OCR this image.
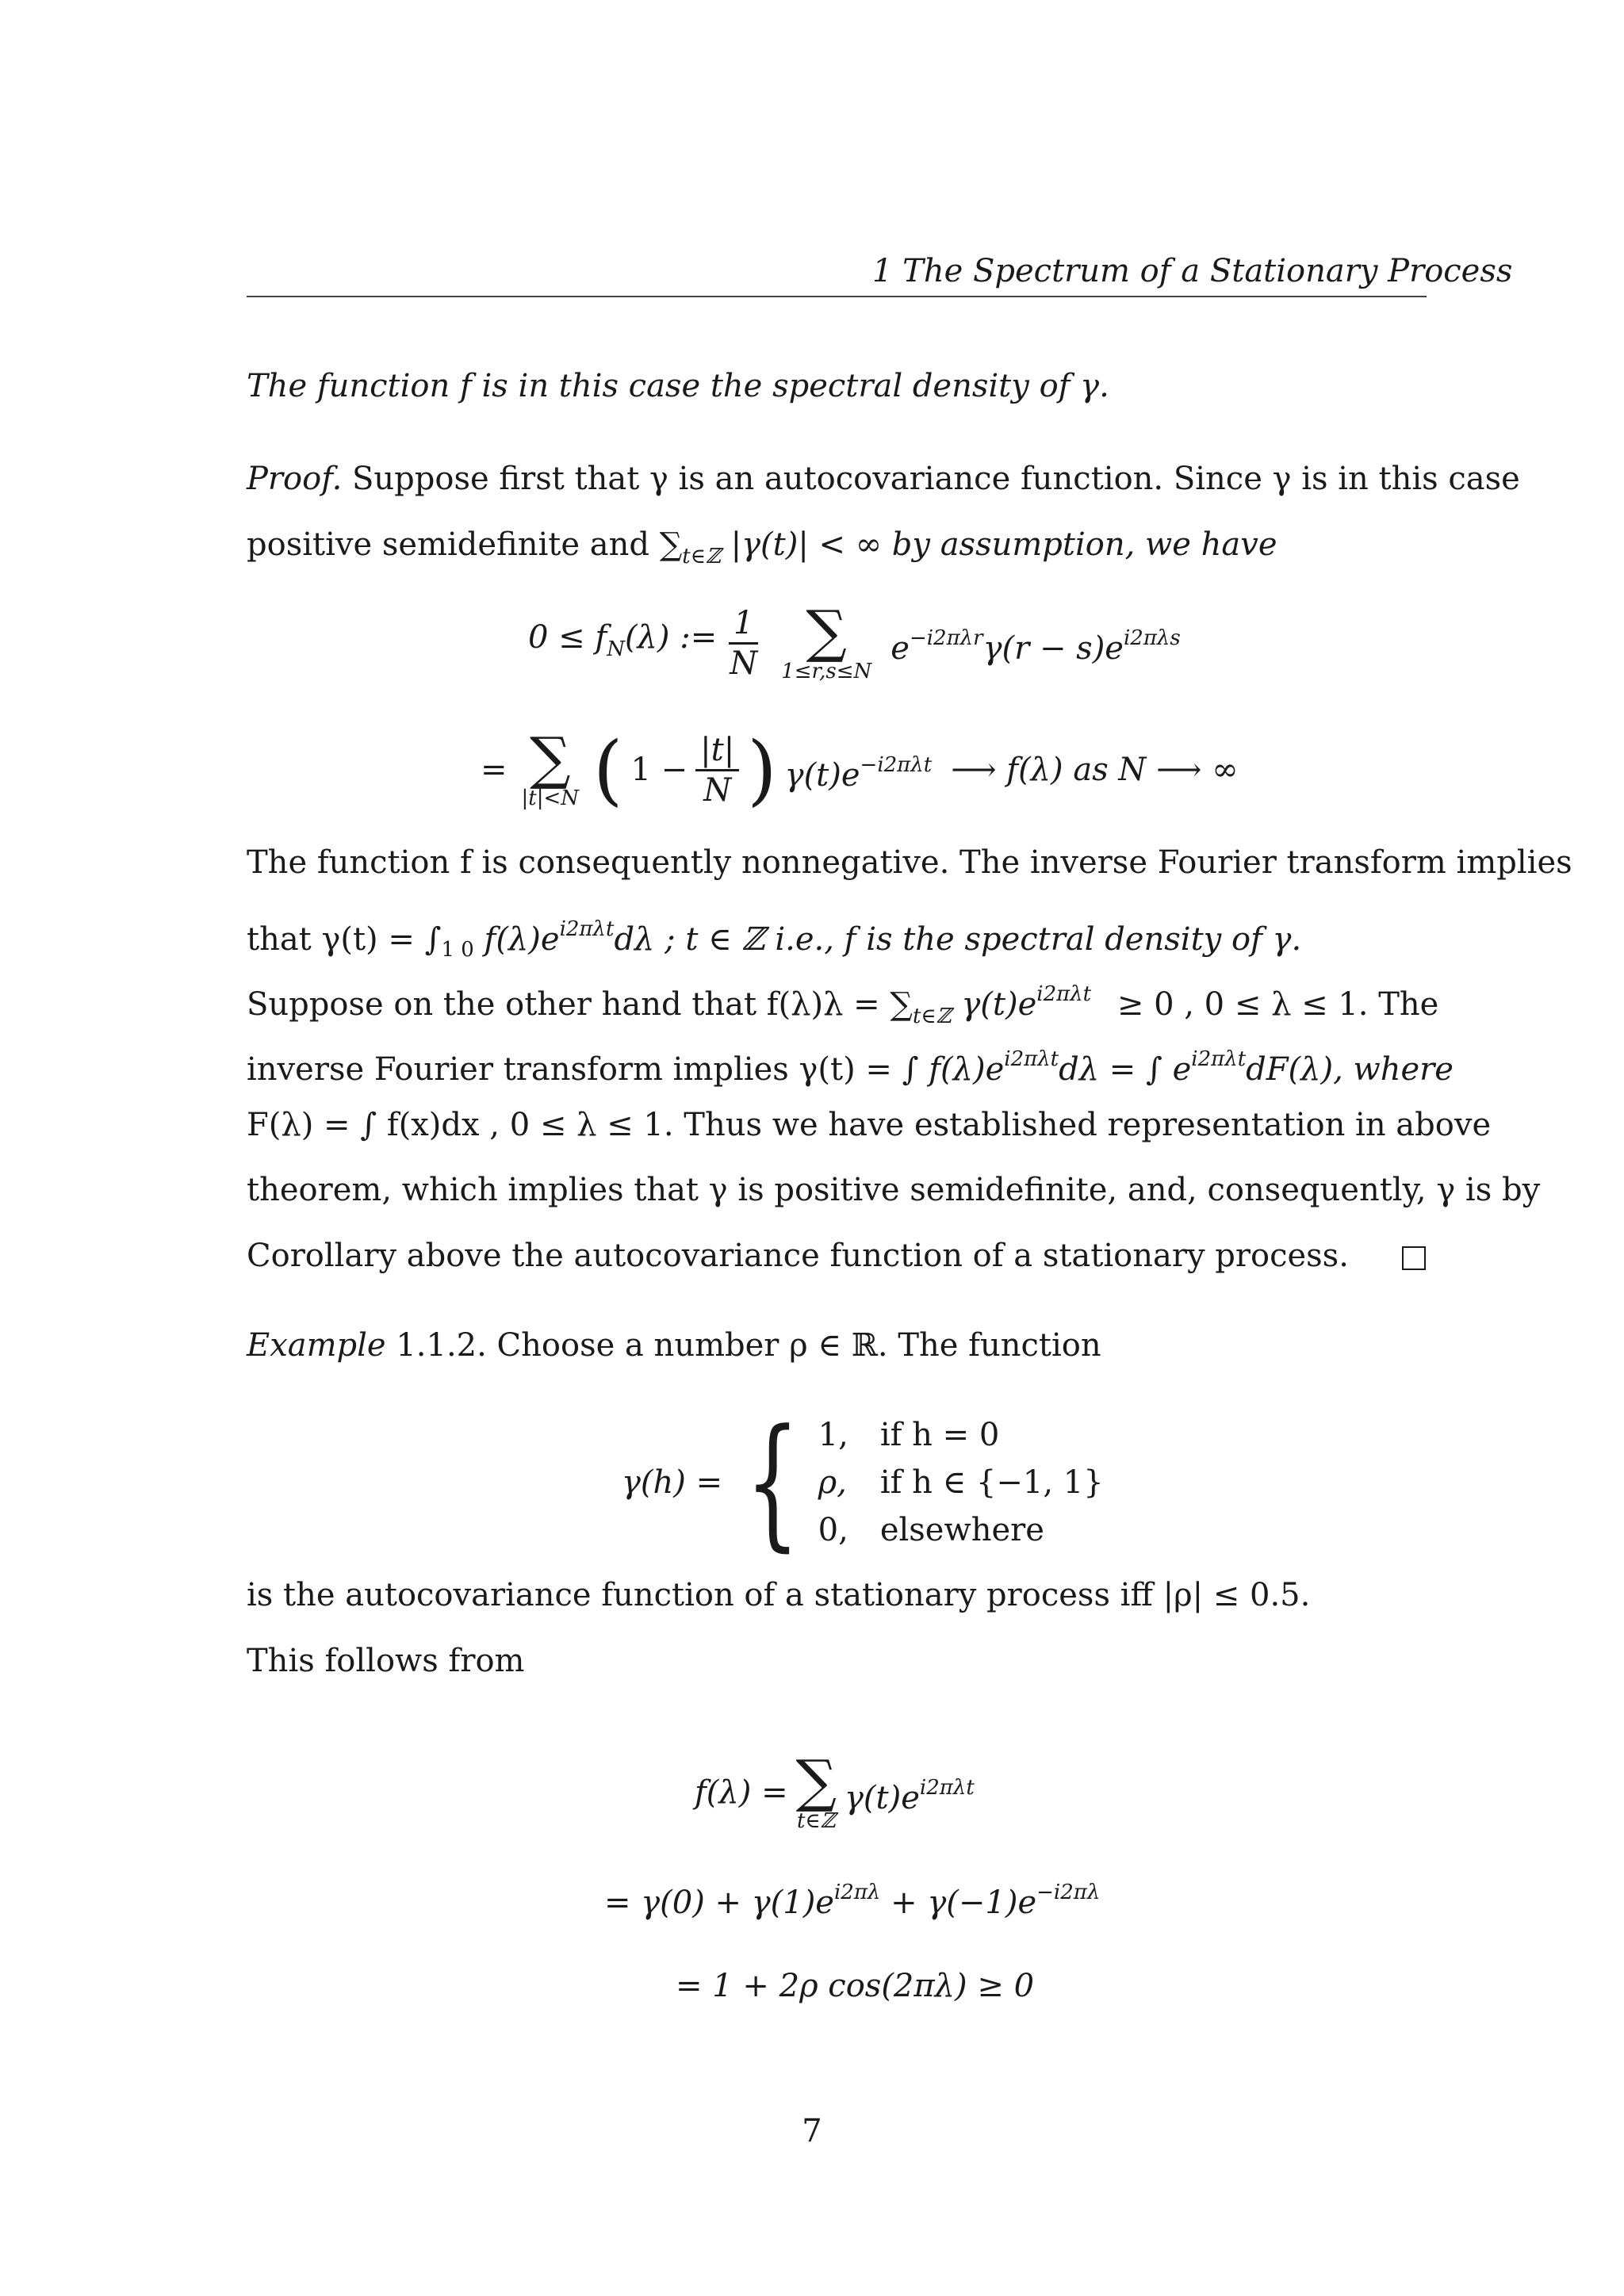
1 The Spectrum of a Stationary Process
The function f is in this case the spectral density of γ.
Proof. Suppose first that γ is an autocovariance function. Since γ is in this case
positive semidefinite and $\sum_{t\in ℤ}$ |γ(t)| < ∞ by assumption, we have
$0 \le f_N(\lambda)$ := $\frac{1}{N}$ ∑
1≤r,s≤N
$e^{-i2\pi\lambda r}\gamma(r - s)e^{i2\pi\lambda s}$
= ∑
|t|<N ( $1 - \frac{|t|}{N}$ ) $\gamma(t)e^{-i2\pi\lambda t}$ ⟶ f(λ) as N ⟶ ∞
The function f is consequently nonnegative. The inverse Fourier transform implies
that $\gamma(t) = \int_{1 0}$ $f(\lambda)e^{i2\pi\lambda t}d\lambda$ ; t ∈ ℤ i.e., f is the spectral density of γ.
Suppose on the other hand that $f(\lambda)\lambda = \sum_{t\in ℤ}$ $\gamma(t)e^{i2\pi\lambda t} \ge 0$ , 0 ≤ λ ≤ 1. The
inverse Fourier transform implies γ(t) = ∫ $f(\lambda)e^{i2\pi\lambda t}d\lambda$ = ∫ $e^{i2\pi\lambda t}dF(\lambda)$, where
F(λ) = ∫ f(x)dx , 0 ≤ λ ≤ 1. Thus we have established representation in above
theorem, which implies that γ is positive semidefinite, and, consequently, γ is by
Corollary above the autocovariance function of a stationary process.
Example 1.1.2. Choose a number ρ ∈ ℝ. The function
γ(h) = { 1, if h = 0
ρ, if h ∈ {−1, 1}
0, elsewhere
is the autocovariance function of a stationary process iff |ρ| ≤ 0.5.
This follows from
f(λ) = ∑
t∈ℤ
$\gamma(t)e^{i2\pi\lambda t}$
= $\gamma(0) + \gamma(1)e^{i2\pi\lambda} + \gamma(-1)e^{-i2\pi\lambda}$
= 1 + 2ρ cos(2πλ) ≥ 0
7
